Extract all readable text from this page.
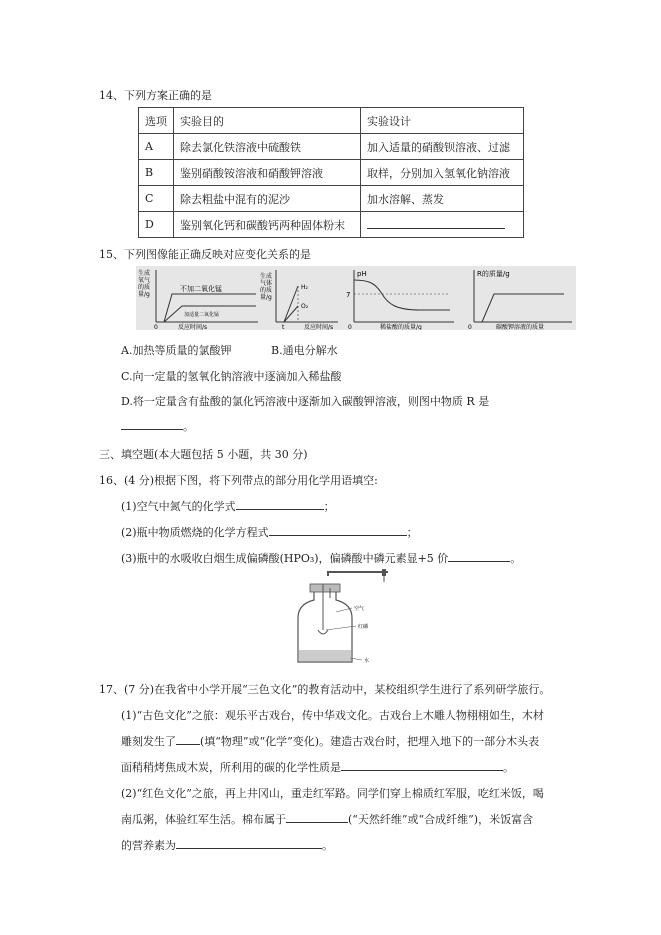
14、下列方案正确的是
选项	实验目的	实验设计
A	除去氯化铁溶液中硫酸铁	加入适量的硝酸钡溶液、过滤
B	鉴别硝酸铵溶液和硝酸钾溶液	取样，分别加入氢氧化钠溶液
C	除去粗盐中混有的泥沙	加水溶解、蒸发
D	鉴别氧化钙和碳酸钙两种固体粉末	
15、下列图像能正确反映对应变化关系的是
生成
氧气
的质
量/g
不加二氧化锰
加适量二氧化锰
0	反应时间/s
生成
气体
的质
量/g
H₂
O₂
t	反应时间/s
pH
7
0	稀盐酸的质量/g
R的质量/g
0	碳酸钾溶液的质量
A.加热等质量的氯酸钾	B.通电分解水
C.向一定量的氢氧化钠溶液中逐滴加入稀盐酸
D.将一定量含有盐酸的氯化钙溶液中逐渐加入碳酸钾溶液，则图中物质 R 是
。
三、填空题(本大题包括 5 小题，共 30 分)
16、(4 分)根据下图，将下列带点的部分用化学用语填空:
(1)空气中氮气的化学式	；
(2)瓶中物质燃烧的化学方程式	；
(3)瓶中的水吸收白烟生成偏磷酸(HPO₃)，偏磷酸中磷元素显+5 价	。
空气
红磷
水
17、(7 分)在我省中小学开展“三色文化”的教育活动中，某校组织学生进行了系列研学旅行。
(1)“古色文化”之旅：观乐平古戏台，传中华戏文化。古戏台上木雕人物栩栩如生，木材
雕刻发生了 (填“物理”或“化学”变化)。建造古戏台时，把埋入地下的一部分木头表
面稍稍烤焦成木炭，所利用的碳的化学性质是	。
(2)“红色文化”之旅，再上井冈山，重走红军路。同学们穿上棉质红军服，吃红米饭，喝
南瓜粥，体验红军生活。棉布属于	(“天然纤维”或“合成纤维”)，米饭富含
的营养素为	。
